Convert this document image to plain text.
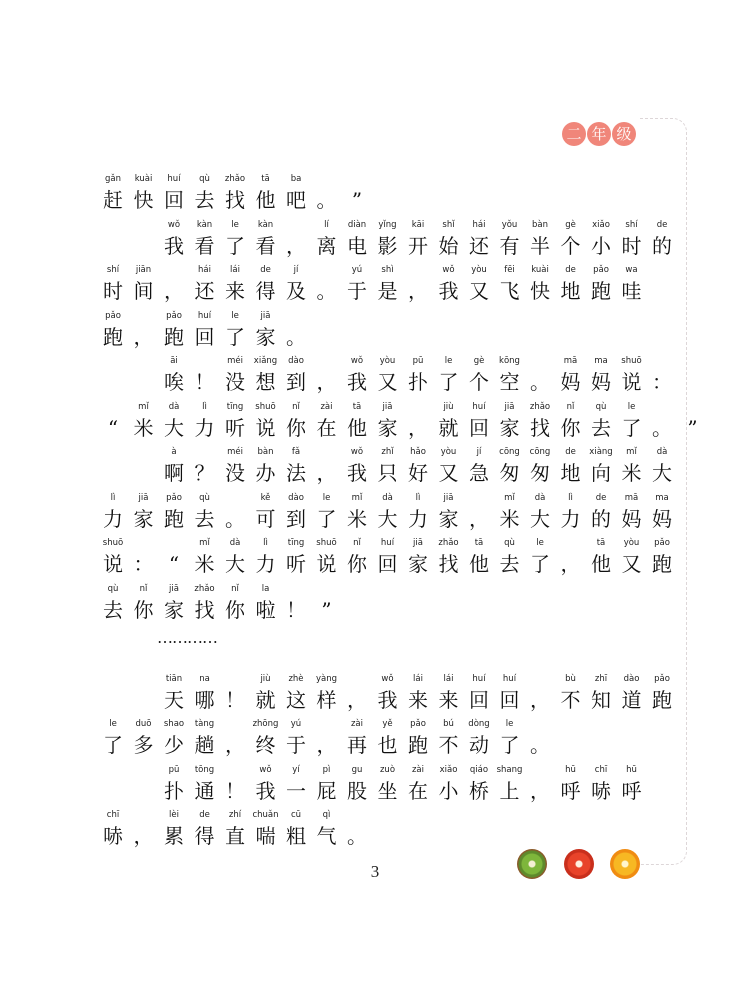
二 年 级
gǎn
赶
kuài
快
huí
回
qù
去
zhǎo
找
tā
他
ba
吧 。 ”
wǒ
我
kàn
看
le
了
kàn
看 ，
lí
离
diàn
电
yǐng
影
kāi
开
shǐ
始
hái
还
yǒu
有
bàn
半
gè
个
xiǎo
小
shí
时
de
的
shí
时
jiān
间 ，
hái
还
lái
来
de
得
jí
及 。
yú
于
shì
是 ，
wǒ
我
yòu
又
fēi
飞
kuài
快
de
地
pǎo
跑
wa
哇
pǎo
跑 ，
pǎo
跑
huí
回
le
了
jiā
家 。
āi
唉 ！
méi
没
xiǎng
想
dào
到 ，
wǒ
我
yòu
又
pū
扑
le
了
gè
个
kōng
空 。
mā
妈
ma
妈
shuō
说 ：
“
mǐ
米
dà
大
lì
力
tīng
听
shuō
说
nǐ
你
zài
在
tā
他
jiā
家 ，
jiù
就
huí
回
jiā
家
zhǎo
找
nǐ
你
qù
去
le
了 。 ”
à
啊 ？
méi
没
bàn
办
fǎ
法 ，
wǒ
我
zhǐ
只
hǎo
好
yòu
又
jí
急
cōng
匆
cōng
匆
de
地
xiàng
向
mǐ
米
dà
大
lì
力
jiā
家
pǎo
跑
qù
去 。
kě
可
dào
到
le
了
mǐ
米
dà
大
lì
力
jiā
家 ，
mǐ
米
dà
大
lì
力
de
的
mā
妈
ma
妈
shuō
说 ： “
mǐ
米
dà
大
lì
力
tīng
听
shuō
说
nǐ
你
huí
回
jiā
家
zhǎo
找
tā
他
qù
去
le
了 ，
tā
他
yòu
又
pǎo
跑
qù
去
nǐ
你
jiā
家
zhǎo
找
nǐ
你
la
啦 ！ ”
tiān
天
na
哪 ！
jiù
就
zhè
这
yàng
样 ，
wǒ
我
lái
来
lái
来
huí
回
huí
回 ，
bù
不
zhī
知
dào
道
pǎo
跑
le
了
duō
多
shao
少
tàng
趟 ，
zhōng
终
yú
于 ，
zài
再
yě
也
pǎo
跑
bú
不
dòng
动
le
了 。
pū
扑
tōng
通 ！
wǒ
我
yí
一
pì
屁
gu
股
zuò
坐
zài
在
xiǎo
小
qiáo
桥
shang
上 ，
hū
呼
chī
哧
hū
呼
chī
哧 ，
lèi
累
de
得
zhí
直
chuǎn
喘
cū
粗
qì
气 。
…………
3
